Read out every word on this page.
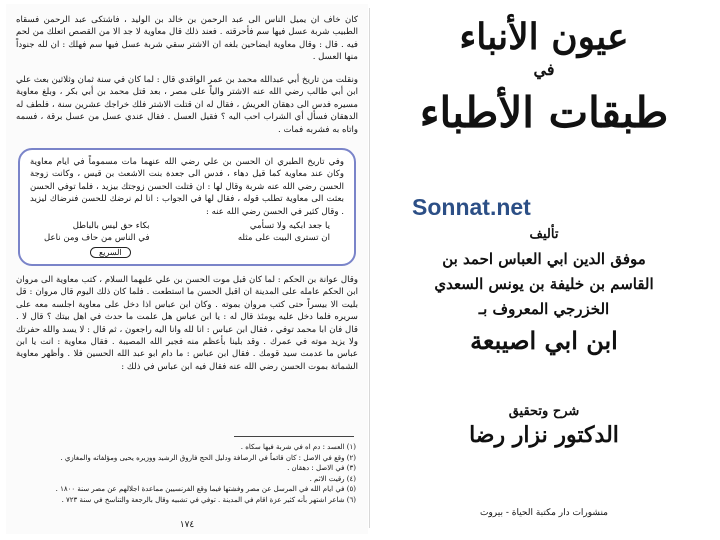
كان خاف ان يميل الناس الى عبد الرحمن بن خالد بن الوليد ، فاشتكى عبد الرحمن فسقاه الطبيب شربة عسل فيها سم فأحرقته . فعند ذلك قال معاوية لا جد الا من القصص اتعلك من لحم فيه . قال : وقال معاوية ايضاحين بلغه ان الاشتر سقي شربة عسل فيها سم فهلك : ان لله جنوداً منها العسل .

ونقلت من تاريخ أبي عبدالله محمد بن عمر الواقدي قال : لما كان في سنة ثمان وثلاثين بعث علي ابن أبي طالب رضي الله عنه الاشتر والياً على مصر ، بعد قتل محمد بن أبي بكر ، وبلغ معاوية مسيره فدس الى دهقان العريش ، فقال له ان قتلت الاشتر فلك خراجك عشرين سنة ، فلطف له الدهقان فسأل أي الشراب احب اليه ؟ فقيل العسل . فقال عندي عسل من عسل برقة ، فسمه واتاه به فشربه فمات .

وفي تاريخ الطبري ان الحسن بن علي رضي الله عنهما مات مسموماً في ايام معاوية وكان عند معاوية كما قيل دهاء ، فدس الى جعدة بنت الاشعث بن قيس ، وكانت زوجة الحسن رضي الله عنه شربة وقال لها : ان قتلت الحسن زوجتك بيزيد ، فلما توفي الحسن بعثت الى معاوية تطلب قوله ، فقال لها في الجواب : انا لم نرضك للحسن فنرضاك ليزيد . وقال كثير في الحسن رضي الله عنه :

يا جعد ابكيه ولا تسأمي
ان تسترى البيت على مثله
بكاء حق ليس بالباطل
في الناس من حاف ومن ناعل
السريع

وقال عوانة بن الحكم : لما كان قبل موت الحسن بن علي عليهما السلام ، كتب معاوية الى مروان ابن الحكم عامله على المدينة ان اقبل الحسن ما استطعت . فلما كان ذلك اليوم قال مروان : قل بليت الا بيسراً حتى كتب مروان بموته . وكان ابن عباس اذا دخل على معاوية اجلسه معه على سريره فلما دخل عليه يومئذ قال له : يا ابن عباس هل علمت ما حدث في اهل بيتك ؟ قال لا . قال فان ابا محمد توفي ، فقال ابن عباس : انا لله وانا اليه راجعون ، ثم قال : لا يسد والله حفرتك ولا يزيد موته في عمرك . وقد بلينا بأعظم منه فجبر الله المصيبة . فقال معاوية : انت يا ابن عباس ما عدمت سيد قومك . فقال ابن عباس : ما دام ابو عبد الله الحسين فلا . وأظهر معاوية الشماتة بموت الحسن رضي الله عنه فقال فيه ابن عباس في ذلك :

(١) العسد : دم اه في شربة فيها سكاه .
(٢) وقع في الاصل : كان قائماً في الرصافة ودليل الحج فاروق الرشيد ووزيره يحيى ومؤلفاته والمغازي .
(٣) في الاصل : دهقان .
(٤) رقيت الاثم .
(٥) في ايام الله في المرسل عن مصر وفشتها فيما وقع الفرنسيين مماعدة اجلالهم عن مصر سنة ١٨٠٠ .
(٦) شاعر اشتهر بأنه كثير عزة اقام في المدينة . توفي في تشبيه وقال بالرجعة والتناسخ في سنة ٧٢٣ .
١٧٤
عيون الأنباء
في
طبقات الأطباء
Sonnat.net
تأليف
موفق الدين ابي العباس احمد بن
القاسم بن خليفة بن يونس السعدي
الخزرجي المعروف بـ
ابن ابي اصيبعة
شرح وتحقيق
الدكتور نزار رضا
منشورات دار مكتبة الحياة - بيروت
